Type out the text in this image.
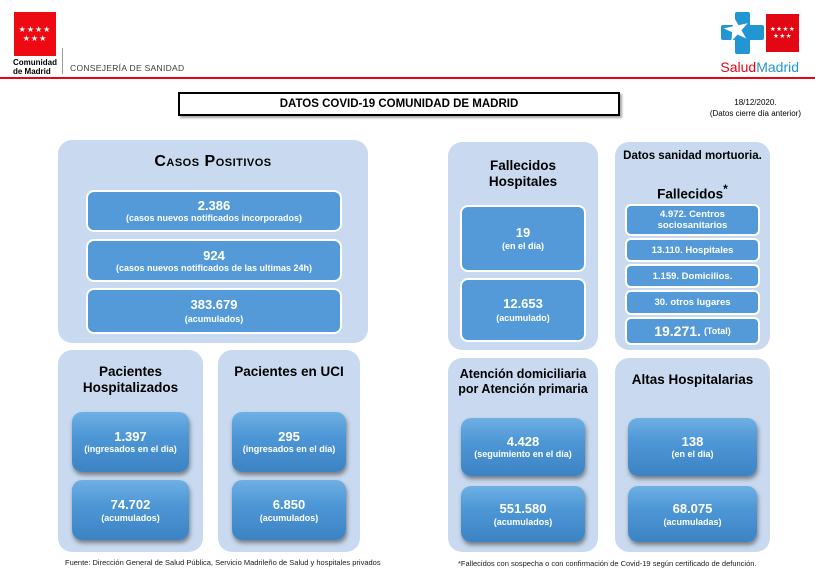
★★★★
★★★
Comunidad
de Madrid	CONSEJERÍA DE SANIDAD
★ ★★★★
★★★
SaludMadrid
DATOS COVID-19 COMUNIDAD DE MADRID	18/12/2020.
(Datos cierre día anterior)
Casos Positivos
2.386
(casos nuevos notificados incorporados)
924
(casos nuevos notificados de las ultimas 24h)
383.679
(acumulados)
Fallecidos Hospitales
19
(en el día)
12.653
(acumulado)
Datos sanidad mortuoria.
Fallecidos*
4.972. Centros sociosanitarios
13.110. Hospitales
1.159. Domicilios.
30. otros lugares
19.271. (Total)
Pacientes Hospitalizados
1.397
(ingresados en el dia)
74.702
(acumulados)
Pacientes en UCI
295
(ingresados en el día)
6.850
(acumulados)
Atención domiciliaria por Atención primaria
4.428
(seguimiento en el día)
551.580
(acumulados)
Altas Hospitalarias
138
(en el dia)
68.075
(acumuladas)
Fuente: Dirección General de Salud Pública, Servicio Madrileño de Salud y hospitales privados	*Fallecidos con sospecha o con confirmación de Covid-19 según certificado de defunción.
